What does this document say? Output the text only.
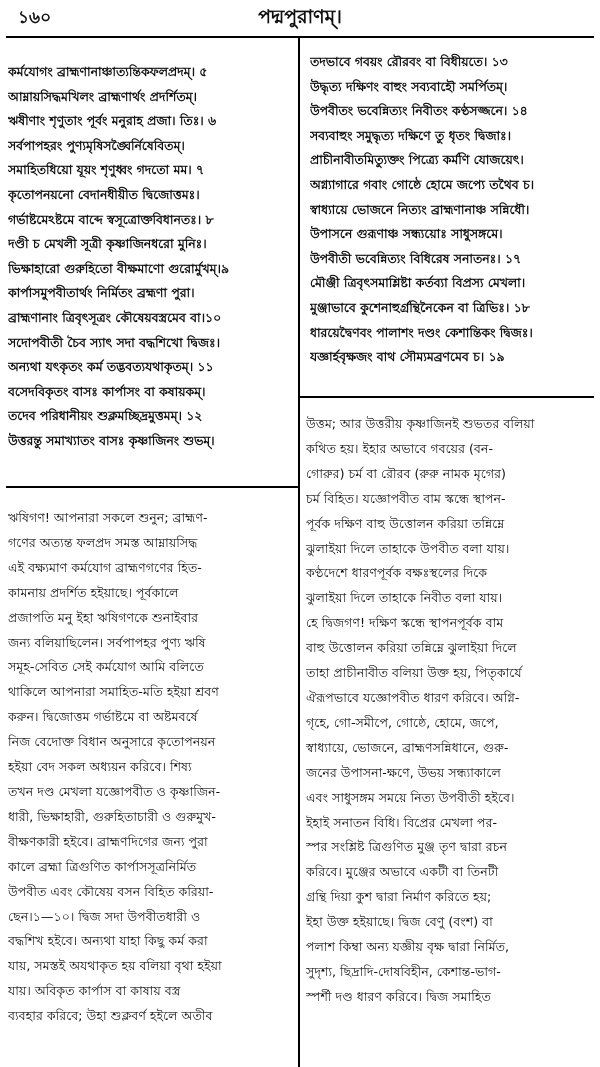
১৬০	পদ্মপুরাণম্।
কর্মযোগং ব্রাহ্মণানাঞ্চাত্যন্তিকফলপ্রদম্‌। ৫
আম্নায়সিদ্ধমখিলং ব্রাহ্মণার্থং প্রদর্শিতম্।
ঋষীণাং শৃণুতাং পূর্বং মনুরাহ প্রজা। তিঃ। ৬
সর্বপাপহরং পুণ্যমৃষিসঙ্ঘৈর্নিষেবিতম্।
সমাহিতধিয়ো যূয়ং শৃণুধ্বং গদতো মম। ৭
কৃতোপনয়নো বেদানধীয়ীত দ্বিজোত্তমঃ।
গর্ভাষ্টমেঽষ্টমে বাব্দে স্বসূত্রোক্তবিধানতঃ। ৮
দণ্ডী চ মেখলী সূত্রী কৃষ্ণাজিনধরো মুনিঃ।
ভিক্ষাহারো গুরুহিতো বীক্ষমাণো গুরোর্মুখম্‌।৯
কার্পাসমুপবীতার্থং নির্মিতং ব্রহ্মণা পুরা।
ব্রাহ্মণানাং ত্রিবৃৎসূত্রং কৌষেয়বস্ত্রমেব বা।১০
সদোপবীতী চৈব স্যাৎ সদা বদ্ধশিখো দ্বিজঃ।
অন্যথা যৎকৃতং কর্ম তদ্ভবত্যযথাকৃতম্। ১১
বসেদবিকৃতং বাসঃ কার্পাসং বা কষায়কম্।
তদেব পরিধানীয়ং শুক্লমচ্ছিদ্রমুত্তমম্‌। ১২
উত্তরন্তু সমাখ্যাতং বাসঃ কৃষ্ণাজিনং শুভম্।
তদভাবে গবয়ং রৌরবং বা বিধীয়তে। ১৩
উদ্ধৃত্য দক্ষিণং বাহুং সব্যবাহৌ সমর্পিতম্।
উপবীতং ভবেন্নিত্যং নিবীতং কণ্ঠসজ্জনে। ১৪
সব্যবাহুং সমুদ্ধৃত্য দক্ষিণে তু ধৃতং দ্বিজাঃ।
প্রাচীনাবীতমিত্যুক্তং পিত্র্যে কর্মণি যোজয়েৎ।
অগ্ন্যাগারে গবাং গোষ্ঠে হোমে জপ্যে তথৈব চ।
স্বাধ্যায়ে ভোজনে নিত্যং ব্রাহ্মণানাঞ্চ সন্নিধৌ।
উপাসনে গুরূণাঞ্চ সন্ধ্যয়োঃ সাধুসঙ্গমে।
উপবীতী ভবেন্নিত্যং বিধিরেষ সনাতনঃ। ১৭
মৌঞ্জী ত্রিবৃৎসমাশ্লিষ্টা কর্তব্যা বিপ্রস্য মেখলা।
মুঞ্জাভাবে কুশেনাহুর্গ্রন্থিনৈকেন বা ত্রিভিঃ। ১৮
ধারয়েদ্বৈণবং পালাশং দণ্ডং কেশান্তিকং দ্বিজঃ।
যজ্ঞার্হবৃক্ষজং বাথ সৌম্যমব্রণমেব চ। ১৯
ঋষিগণ! আপনারা সকলে শুনুন; ব্রাহ্মণ-
গণের অত্যন্ত ফলপ্রদ সমস্ত আম্নায়সিদ্ধ
এই বক্ষ্যমাণ কর্মযোগ ব্রাহ্মণগণের হিত-
কামনায় প্রদর্শিত হইয়াছে। পূর্বকালে
প্রজাপতি মনু ইহা ঋষিগণকে শুনাইবার
জন্য বলিয়াছিলেন। সর্বপাপহর পুণ্য ঋষি
সমূহ-সেবিত সেই কর্মযোগ আমি বলিতে
থাকিলে আপনারা সমাহিত-মতি হইয়া শ্রবণ
করুন। দ্বিজোত্তম গর্ভাষ্টমে বা অষ্টমবর্ষে
নিজ বেদোক্ত বিধান অনুসারে কৃতোপনয়ন
হইয়া বেদ সকল অধ্যয়ন করিবে। শিষ্য
তখন দণ্ড মেখলা যজ্ঞোপবীত ও কৃষ্ণাজিন-
ধারী, ভিক্ষাহারী, গুরুহিতাচারী ও গুরুমুখ-
বীক্ষণকারী হইবে। ব্রাহ্মণদিগের জন্য পুরা
কালে ব্রহ্মা ত্রিগুণিত কার্পাসসূত্রনির্মিত
উপবীত এবং কৌষেয় বসন বিহিত করিয়া-
ছেন।১—১০। দ্বিজ সদা উপবীতধারী ও
বদ্ধশিখ হইবে। অন্যথা যাহা কিছু কর্ম করা
যায়, সমস্তই অযথাকৃত হয় বলিয়া বৃথা হইয়া
যায়। অবিকৃত কার্পাস বা কাষায় বস্ত্র
ব্যবহার করিবে; উহা শুক্লবর্ণ হইলে অতীব
উত্তম; আর উত্তরীয় কৃষ্ণাজিনই শুভতর বলিয়া
কথিত হয়। ইহার অভাবে গবয়ের (বন-
গোরুর) চর্ম বা রৌরব (রুরু নামক মৃগের)
চর্ম বিহিত। যজ্ঞোপবীত বাম স্কন্ধে স্থাপন-
পূর্বক দক্ষিণ বাহু উত্তোলন করিয়া তন্নিম্নে
ঝুলাইয়া দিলে তাহাকে উপবীত বলা যায়।
কণ্ঠদেশে ধারণপূর্বক বক্ষঃস্থলের দিকে
ঝুলাইয়া দিলে তাহাকে নিবীত বলা যায়।
হে দ্বিজগণ! দক্ষিণ স্কন্ধে স্থাপনপূর্বক বাম
বাহু উত্তোলন করিয়া তন্নিম্নে ঝুলাইয়া দিলে
তাহা প্রাচীনাবীত বলিয়া উক্ত হয়, পিতৃকার্যে
ঐরূপভাবে যজ্ঞোপবীত ধারণ করিবে। অগ্নি-
গৃহে, গো-সমীপে, গোষ্ঠে, হোমে, জপে,
স্বাধ্যায়ে, ভোজনে, ব্রাহ্মণসন্নিধানে, গুরু-
জনের উপাসনা-ক্ষণে, উভয় সন্ধ্যাকালে
এবং সাধুসঙ্গম সময়ে নিত্য উপবীতী হইবে।
ইহাই সনাতন বিধি। বিপ্রের মেখলা পর-
স্পর সংশ্লিষ্ট ত্রিগুণিত মুঞ্জ তৃণ দ্বারা রচন
করিবে। মুঞ্জের অভাবে একটী বা তিনটী
গ্রন্থি দিয়া কুশ দ্বারা নির্মাণ করিতে হয়;
ইহা উক্ত হইয়াছে। দ্বিজ বেণু (বংশ) বা
পলাশ কিম্বা অন্য যজ্ঞীয় বৃক্ষ দ্বারা নির্মিত,
সুদৃশ্য, ছিদ্রাদি-দোষবিহীন, কেশান্ত-ভাগ-
স্পর্শী দণ্ড ধারণ করিবে। দ্বিজ সমাহিত
